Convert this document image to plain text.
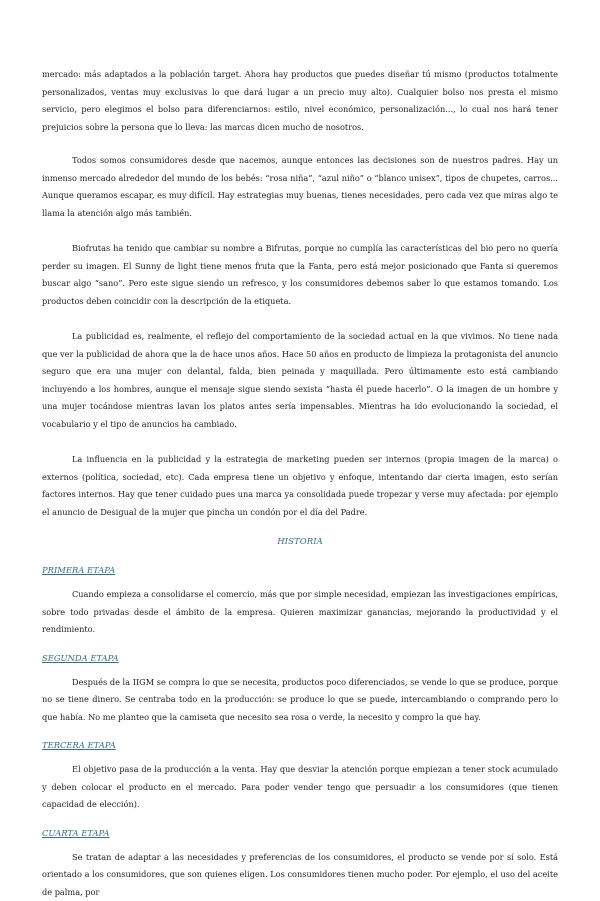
mercado: más adaptados a la población target. Ahora hay productos que puedes diseñar tú mismo (productos totalmente personalizados, ventas muy exclusivas lo que dará lugar a un precio muy alto). Cualquier bolso nos presta el mismo servicio, pero elegimos el bolso para diferenciarnos: estilo, nivel económico, personalización..., lo cual nos hará tener prejuicios sobre la persona que lo lleva: las marcas dicen mucho de nosotros.

Todos somos consumidores desde que nacemos, aunque entonces las decisiones son de nuestros padres. Hay un inmenso mercado alrededor del mundo de los bebés: “rosa niña”, “azul niño” o “blanco unisex”, tipos de chupetes, carros... Aunque queramos escapar, es muy difícil. Hay estrategias muy buenas, tienes necesidades, pero cada vez que miras algo te llama la atención algo más también.

Biofrutas ha tenido que cambiar su nombre a Bifrutas, porque no cumplía las características del bio pero no quería perder su imagen. El Sunny de light tiene menos fruta que la Fanta, pero está mejor posicionado que Fanta si queremos buscar algo “sano”. Pero este sigue siendo un refresco, y los consumidores debemos saber lo que estamos tomando. Los productos deben coincidir con la descripción de la etiqueta.

La publicidad es, realmente, el reflejo del comportamiento de la sociedad actual en la que vivimos. No tiene nada que ver la publicidad de ahora que la de hace unos años. Hace 50 años en producto de limpieza la protagonista del anuncio seguro que era una mujer con delantal, falda, bien peinada y maquillada. Pero últimamente esto está cambiando incluyendo a los hombres, aunque el mensaje sigue siendo sexista “hasta él puede hacerlo”. O la imagen de un hombre y una mujer tocándose mientras lavan los platos antes sería impensables. Mientras ha ido evolucionando la sociedad, el vocabulario y el tipo de anuncios ha cambiado.

La influencia en la publicidad y la estrategia de marketing pueden ser internos (propia imagen de la marca) o externos (política, sociedad, etc). Cada empresa tiene un objetivo y enfoque, intentando dar cierta imagen, esto serían factores internos. Hay que tener cuidado pues una marca ya consolidada puede tropezar y verse muy afectada: por ejemplo el anuncio de Desigual de la mujer que pincha un condón por el día del Padre.

HISTORIA
PRIMERA ETAPA

Cuando empieza a consolidarse el comercio, más que por simple necesidad, empiezan las investigaciones empíricas, sobre todo privadas desde el ámbito de la empresa. Quieren maximizar ganancias, mejorando la productividad y el rendimiento.

SEGUNDA ETAPA

Después de la IIGM se compra lo que se necesita, productos poco diferenciados, se vende lo que se produce, porque no se tiene dinero. Se centraba todo en la producción: se produce lo que se puede, intercambiando o comprando pero lo que había. No me planteo que la camiseta que necesito sea rosa o verde, la necesito y compro la que hay.

TERCERA ETAPA

El objetivo pasa de la producción a la venta. Hay que desviar la atención porque empiezan a tener stock acumulado y deben colocar el producto en el mercado. Para poder vender tengo que persuadir a los consumidores (que tienen capacidad de elección).

CUARTA ETAPA

Se tratan de adaptar a las necesidades y preferencias de los consumidores, el producto se vende por sí solo. Está orientado a los consumidores, que son quienes eligen. Los consumidores tienen mucho poder. Por ejemplo, el uso del aceite de palma, por
